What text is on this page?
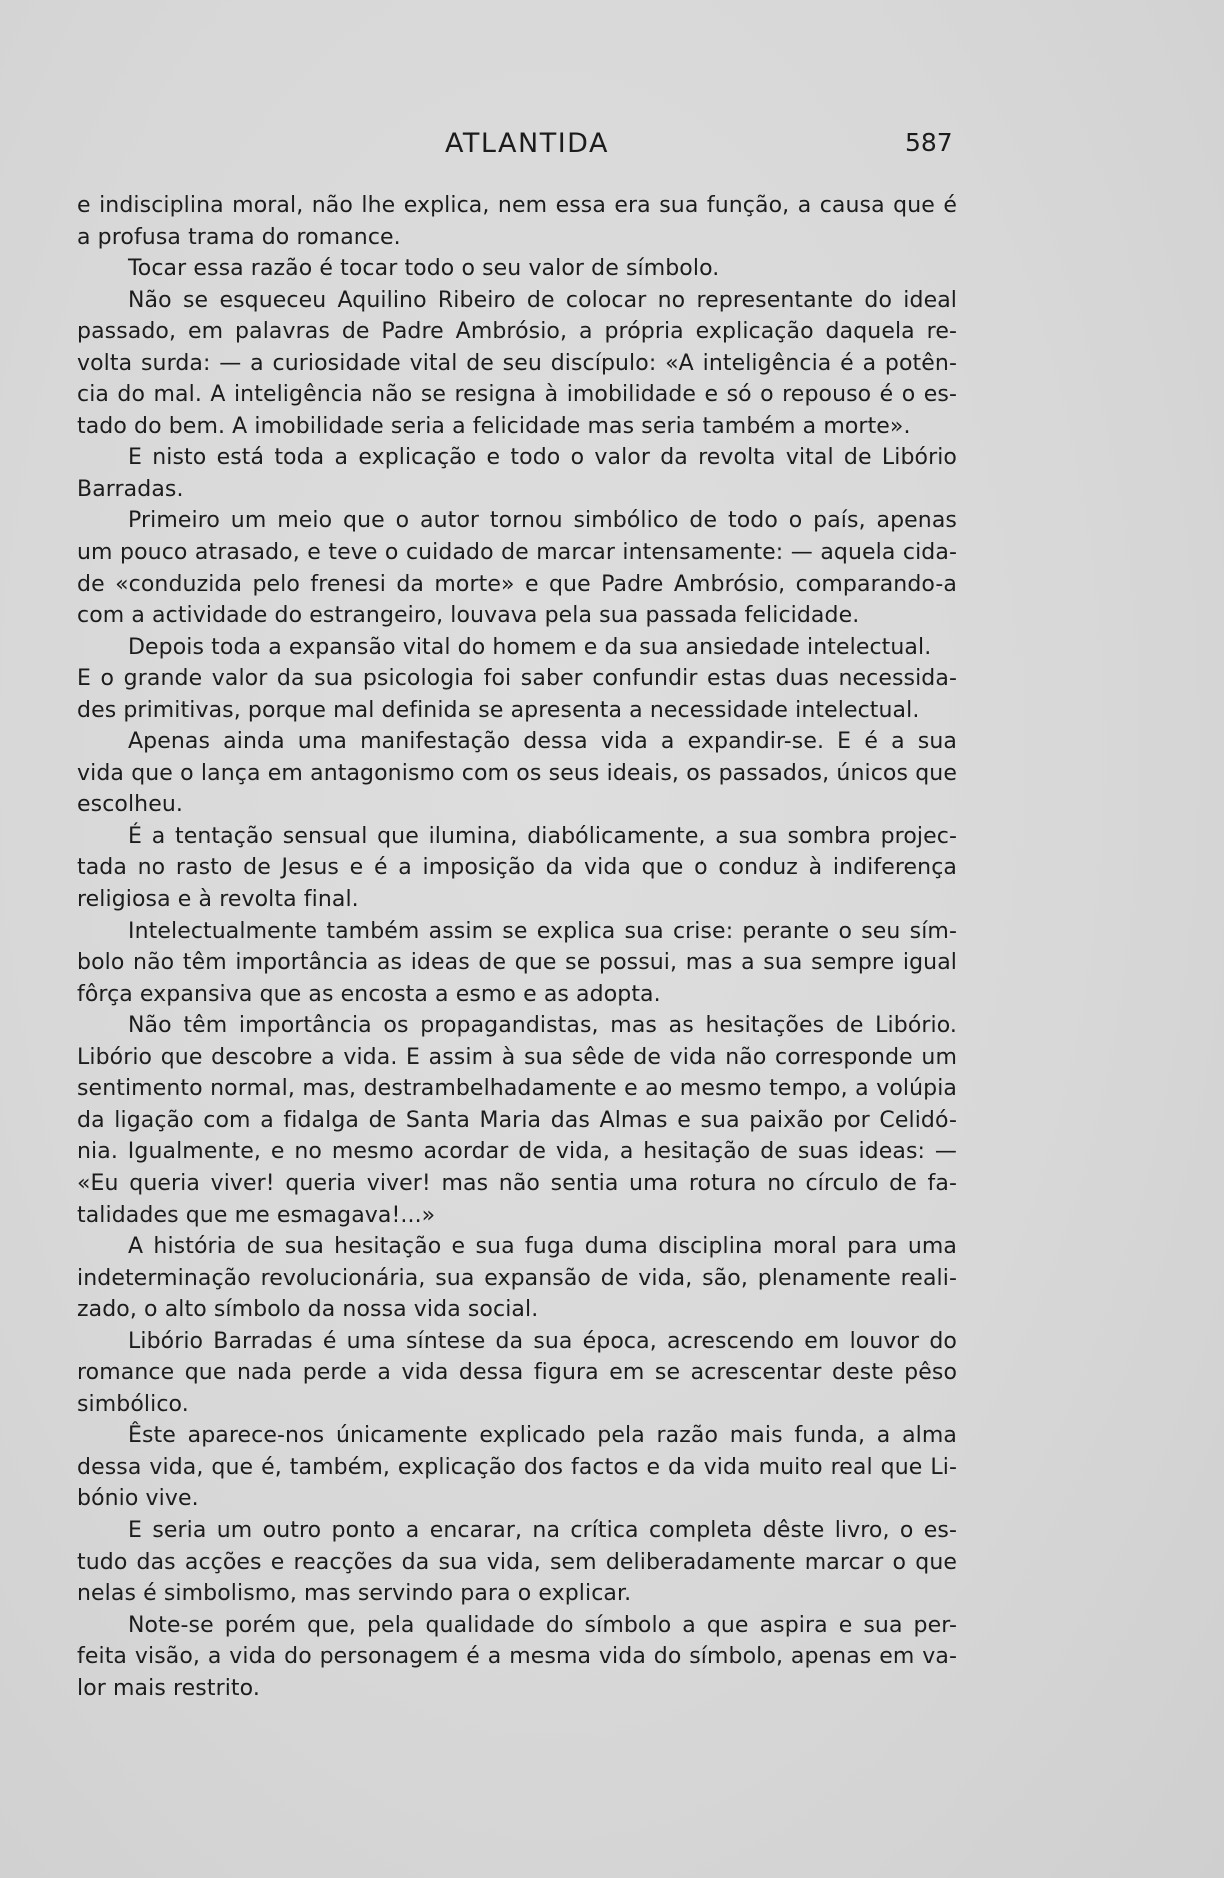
ATLANTIDA	587
e indisciplina moral, não lhe explica, nem essa era sua função, a causa que é
a profusa trama do romance.
Tocar essa razão é tocar todo o seu valor de símbolo.
Não se esqueceu Aquilino Ribeiro de colocar no representante do ideal
passado, em palavras de Padre Ambrósio, a própria explicação daquela re-
volta surda: — a curiosidade vital de seu discípulo: «A inteligência é a potên-
cia do mal. A inteligência não se resigna à imobilidade e só o repouso é o es-
tado do bem. A imobilidade seria a felicidade mas seria também a morte».
E nisto está toda a explicação e todo o valor da revolta vital de Libório
Barradas.
Primeiro um meio que o autor tornou simbólico de todo o país, apenas
um pouco atrasado, e teve o cuidado de marcar intensamente: — aquela cida-
de «conduzida pelo frenesi da morte» e que Padre Ambrósio, comparando-a
com a actividade do estrangeiro, louvava pela sua passada felicidade.
Depois toda a expansão vital do homem e da sua ansiedade intelectual.
E o grande valor da sua psicologia foi saber confundir estas duas necessida-
des primitivas, porque mal definida se apresenta a necessidade intelectual.
Apenas ainda uma manifestação dessa vida a expandir-se. E é a sua
vida que o lança em antagonismo com os seus ideais, os passados, únicos que
escolheu.
É a tentação sensual que ilumina, diabólicamente, a sua sombra projec-
tada no rasto de Jesus e é a imposição da vida que o conduz à indiferença
religiosa e à revolta final.
Intelectualmente também assim se explica sua crise: perante o seu sím-
bolo não têm importância as ideas de que se possui, mas a sua sempre igual
fôrça expansiva que as encosta a esmo e as adopta.
Não têm importância os propagandistas, mas as hesitações de Libório.
Libório que descobre a vida. E assim à sua sêde de vida não corresponde um
sentimento normal, mas, destrambelhadamente e ao mesmo tempo, a volúpia
da ligação com a fidalga de Santa Maria das Almas e sua paixão por Celidó-
nia. Igualmente, e no mesmo acordar de vida, a hesitação de suas ideas: —
«Eu queria viver! queria viver! mas não sentia uma rotura no círculo de fa-
talidades que me esmagava!...»
A história de sua hesitação e sua fuga duma disciplina moral para uma
indeterminação revolucionária, sua expansão de vida, são, plenamente reali-
zado, o alto símbolo da nossa vida social.
Libório Barradas é uma síntese da sua época, acrescendo em louvor do
romance que nada perde a vida dessa figura em se acrescentar deste pêso
simbólico.
Êste aparece-nos únicamente explicado pela razão mais funda, a alma
dessa vida, que é, também, explicação dos factos e da vida muito real que Li-
bónio vive.
E seria um outro ponto a encarar, na crítica completa dêste livro, o es-
tudo das acções e reacções da sua vida, sem deliberadamente marcar o que
nelas é simbolismo, mas servindo para o explicar.
Note-se porém que, pela qualidade do símbolo a que aspira e sua per-
feita visão, a vida do personagem é a mesma vida do símbolo, apenas em va-
lor mais restrito.
